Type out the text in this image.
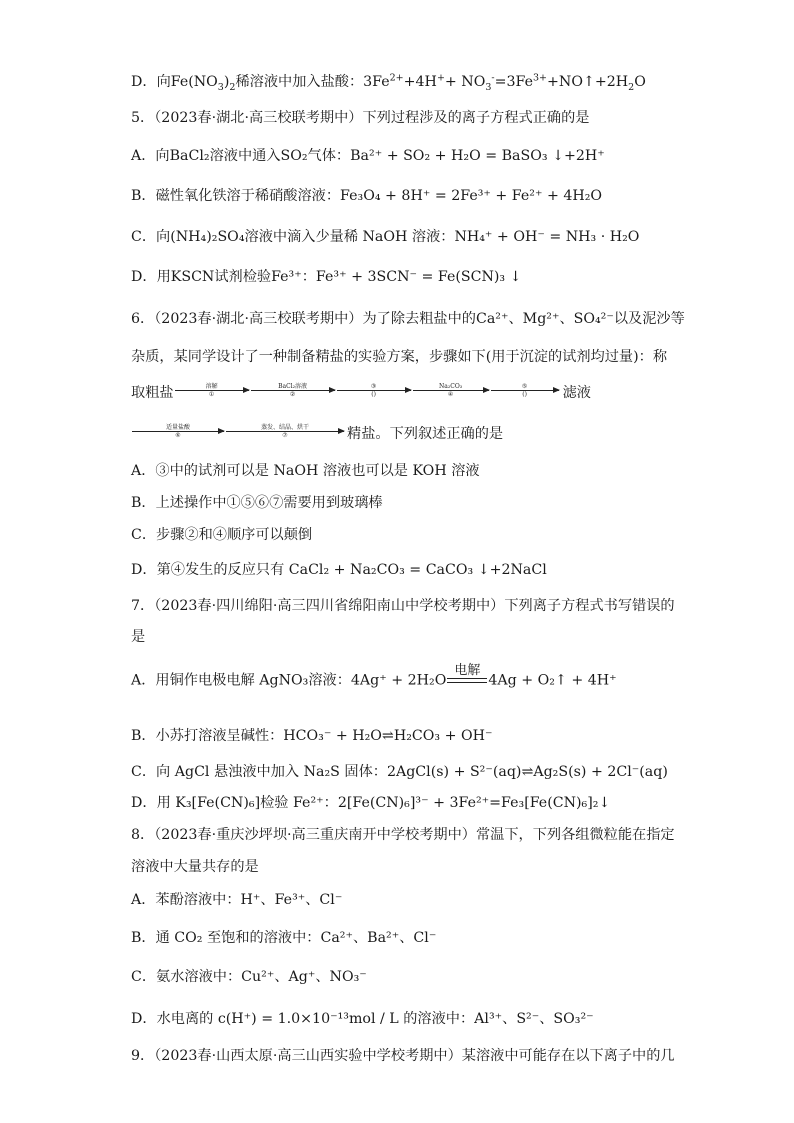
D．向$Fe(NO_3)_2$稀溶液中加入盐酸：$3Fe^{2+}+4H^++$ $NO_3^-=3Fe^{3+}+NO↑+2H_2O$
5．（2023春·湖北·高三校联考期中）下列过程涉及的离子方程式正确的是
A．向BaCl₂溶液中通入SO₂气体：Ba²⁺ + SO₂ + H₂O = BaSO₃ ↓+2H⁺
B．磁性氧化铁溶于稀硝酸溶液：Fe₃O₄ + 8H⁺ = 2Fe³⁺ + Fe²⁺ + 4H₂O
C．向(NH₄)₂SO₄溶液中滴入少量稀 NaOH 溶液：NH₄⁺ + OH⁻ = NH₃ · H₂O
D．用KSCN试剂检验Fe³⁺：Fe³⁺ + 3SCN⁻ = Fe(SCN)₃ ↓
6．（2023春·湖北·高三校联考期中）为了除去粗盐中的Ca²⁺、Mg²⁺、SO₄²⁻以及泥沙等
杂质，某同学设计了一种制备精盐的实验方案，步骤如下(用于沉淀的试剂均过量)：称
取粗盐	溶解
①
BaCl₂溶液
②
③
()
Na₂CO₃
④
⑤
()	滤液
适量盐酸
⑥
蒸发、结晶、烘干
⑦	精盐。下列叙述正确的是
A．③中的试剂可以是 NaOH 溶液也可以是 KOH 溶液
B．上述操作中①⑤⑥⑦需要用到玻璃棒
C．步骤②和④顺序可以颠倒
D．第④发生的反应只有 CaCl₂ + Na₂CO₃ = CaCO₃ ↓+2NaCl
7．（2023春·四川绵阳·高三四川省绵阳南山中学校考期中）下列离子方程式书写错误的
是
A．用铜作电极电解 AgNO₃溶液：4Ag⁺ + 2H₂O
电解
4Ag + O₂↑ + 4H⁺
B．小苏打溶液呈碱性：HCO₃⁻ + H₂O⇌H₂CO₃ + OH⁻
C．向 AgCl 悬浊液中加入 Na₂S 固体：2AgCl(s) + S²⁻(aq)⇌Ag₂S(s) + 2Cl⁻(aq)
D．用 K₃[Fe(CN)₆]检验 Fe²⁺：2[Fe(CN)₆]³⁻ + 3Fe²⁺=Fe₃[Fe(CN)₆]₂↓
8．（2023春·重庆沙坪坝·高三重庆南开中学校考期中）常温下，下列各组微粒能在指定
溶液中大量共存的是
A．苯酚溶液中：H⁺、Fe³⁺、Cl⁻
B．通 CO₂ 至饱和的溶液中：Ca²⁺、Ba²⁺、Cl⁻
C．氨水溶液中：Cu²⁺、Ag⁺、NO₃⁻
D．水电离的 c(H⁺) = 1.0×10⁻¹³mol / L 的溶液中：Al³⁺、S²⁻、SO₃²⁻
9．（2023春·山西太原·高三山西实验中学校考期中）某溶液中可能存在以下离子中的几
